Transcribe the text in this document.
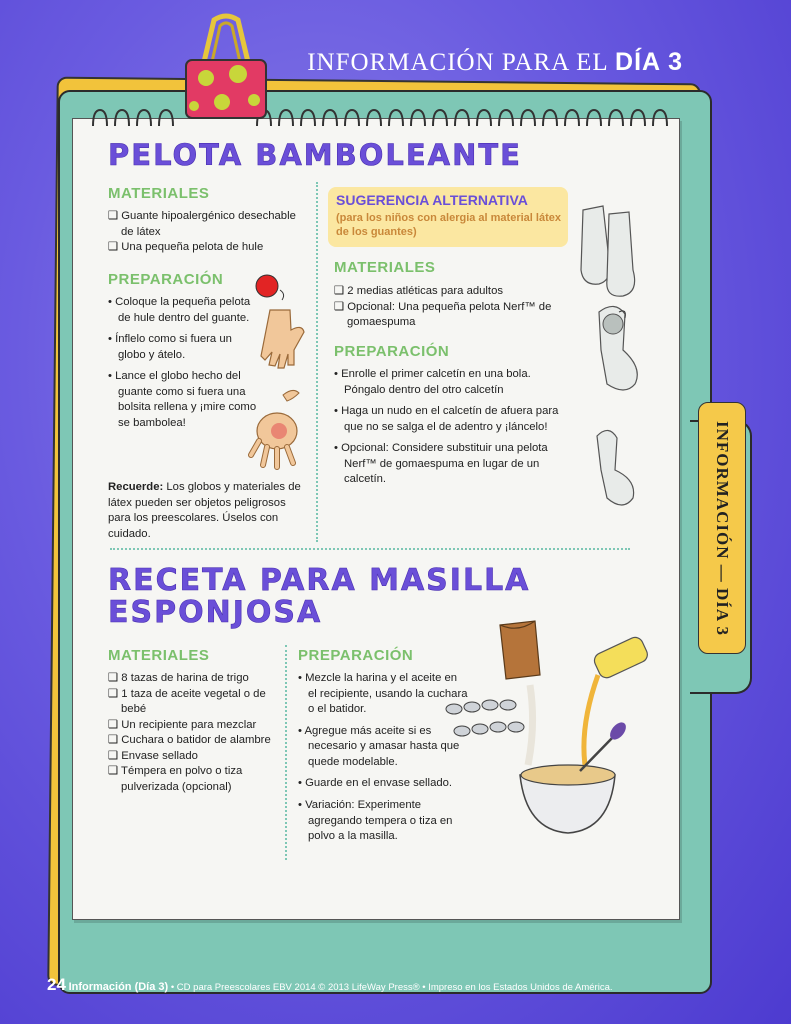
INFORMACIÓN PARA EL DÍA 3
INFORMACIÓN — DÍA 3
PELOTA BAMBOLEANTE
MATERIALES
❑ Guante hipoalergénico desechable de látex
❑ Una pequeña pelota de hule
PREPARACIÓN
• Coloque la pequeña pelota de hule dentro del guante.
• Ínflelo como si fuera un globo y átelo.
• Lance el globo hecho del guante como si fuera una bolsita rellena y ¡mire como se bambolea!
Recuerde: Los globos y materiales de látex pueden ser objetos peligrosos para los preescolares. Úselos con cuidado.
SUGERENCIA ALTERNATIVA
(para los niños con alergia al material látex de los guantes)
MATERIALES
❑ 2 medias atléticas para adultos
❑ Opcional: Una pequeña pelota Nerf™ de gomaespuma
PREPARACIÓN
• Enrolle el primer calcetín en una bola. Póngalo dentro del otro calcetín
• Haga un nudo en el calcetín de afuera para que no se salga el de adentro y ¡láncelo!
• Opcional: Considere substituir una pelota Nerf™ de gomaespuma en lugar de un calcetín.
RECETA PARA MASILLA
ESPONJOSA
MATERIALES
❑ 8 tazas de harina de trigo
❑ 1 taza de aceite vegetal o de bebé
❑ Un recipiente para mezclar
❑ Cuchara o batidor de alambre
❑ Envase sellado
❑ Témpera en polvo o tiza pulverizada (opcional)
PREPARACIÓN
• Mezcle la harina y el aceite en el recipiente, usando la cuchara o el batidor.
• Agregue más aceite si es necesario y amasar hasta que quede modelable.
• Guarde en el envase sellado.
• Variación: Experimente agregando tempera o tiza en polvo a la masilla.
24 Información (Día 3) • CD para Preescolares EBV 2014 © 2013 LifeWay Press® • Impreso en los Estados Unidos de América.
